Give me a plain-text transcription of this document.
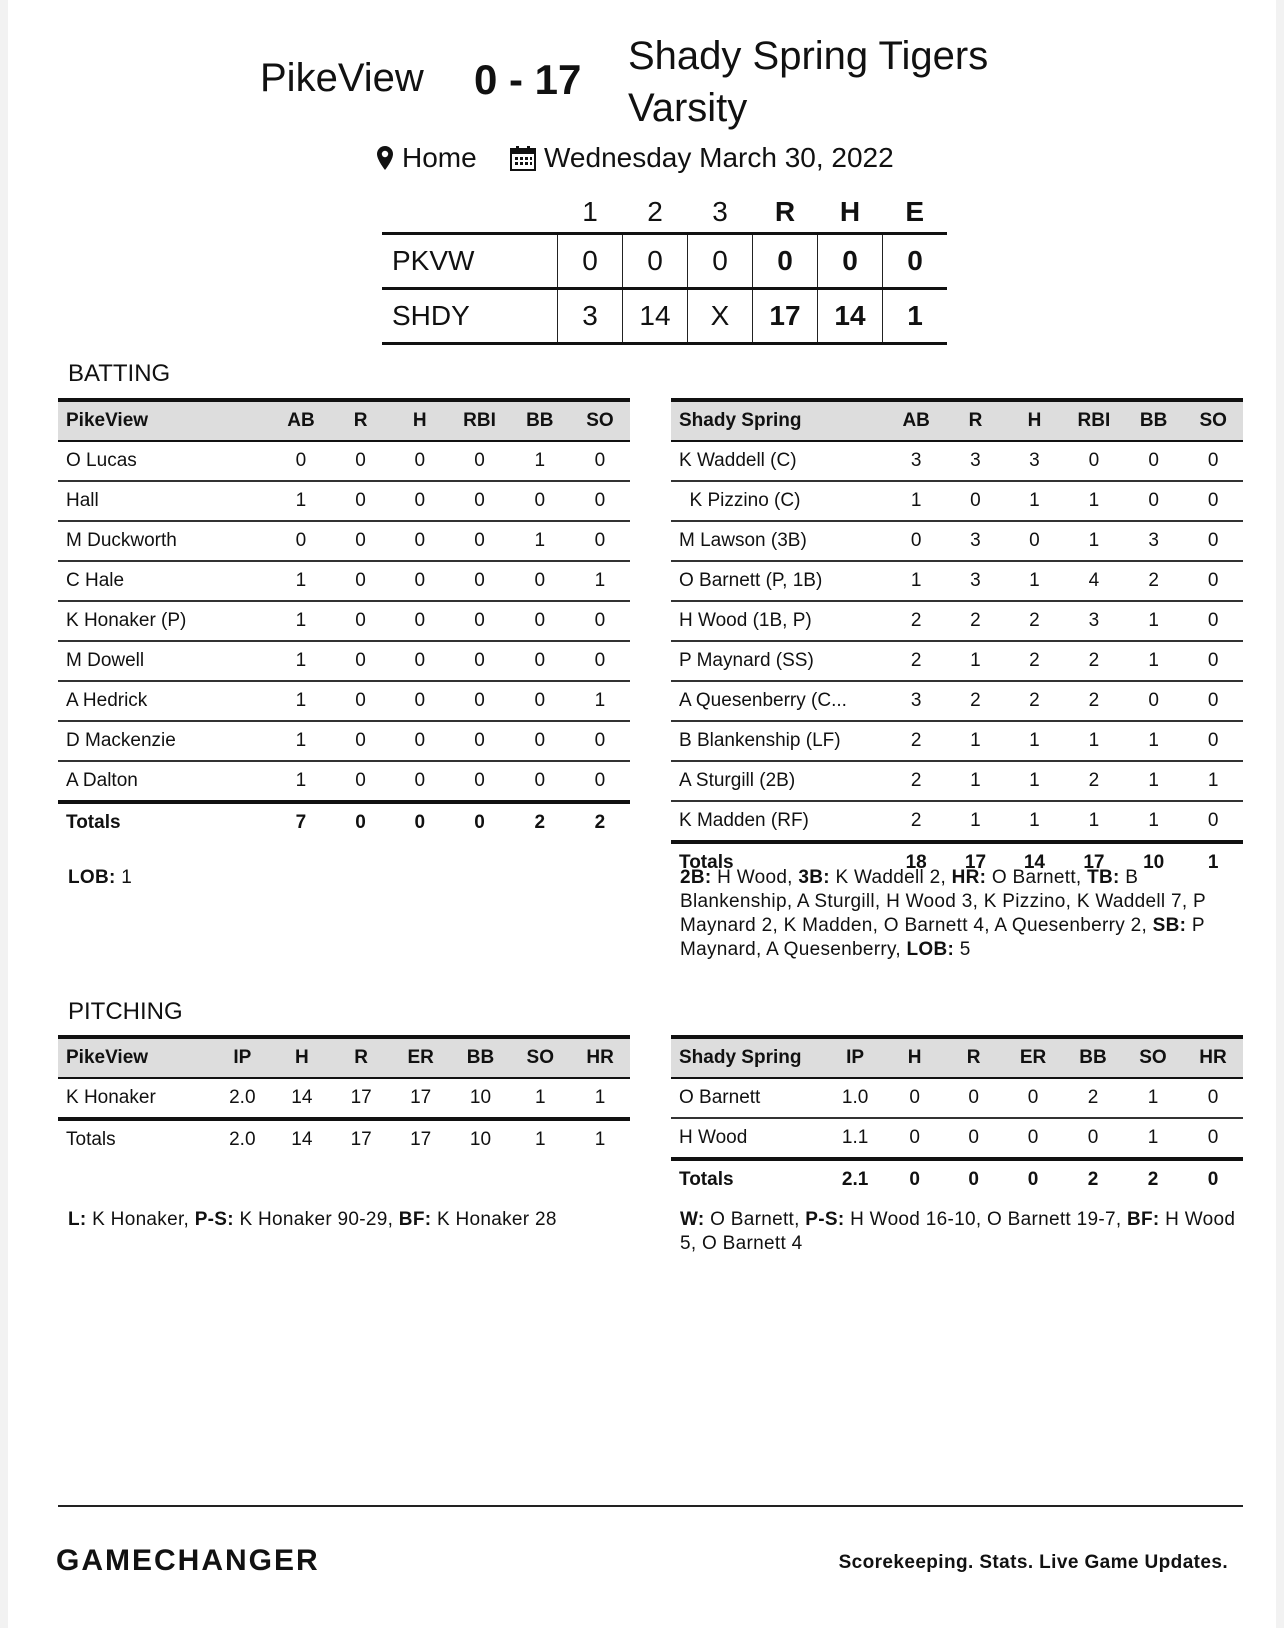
PikeView 0 - 17 Shady Spring Tigers Varsity
Home Wednesday March 30, 2022
	1	2	3	R	H	E
PKVW	0	0	0	0	0	0
SHDY	3	14	X	17	14	1
BATTING
PikeView	AB	R	H	RBI	BB	SO
O Lucas	0	0	0	0	1	0
Hall	1	0	0	0	0	0
M Duckworth	0	0	0	0	1	0
C Hale	1	0	0	0	0	1
K Honaker (P)	1	0	0	0	0	0
M Dowell	1	0	0	0	0	0
A Hedrick	1	0	0	0	0	1
D Mackenzie	1	0	0	0	0	0
A Dalton	1	0	0	0	0	0
Totals	7	0	0	0	2	2
Shady Spring	AB	R	H	RBI	BB	SO
K Waddell (C)	3	3	3	0	0	0
K Pizzino (C)	1	0	1	1	0	0
M Lawson (3B)	0	3	0	1	3	0
O Barnett (P, 1B)	1	3	1	4	2	0
H Wood (1B, P)	2	2	2	3	1	0
P Maynard (SS)	2	1	2	2	1	0
A Quesenberry (C...	3	2	2	2	0	0
B Blankenship (LF)	2	1	1	1	1	0
A Sturgill (2B)	2	1	1	2	1	1
K Madden (RF)	2	1	1	1	1	0
Totals	18	17	14	17	10	1
LOB: 1	2B: H Wood, 3B: K Waddell 2, HR: O Barnett, TB: B Blankenship, A Sturgill, H Wood 3, K Pizzino, K Waddell 7, P Maynard 2, K Madden, O Barnett 4, A Quesenberry 2, SB: P Maynard, A Quesenberry, LOB: 5
PITCHING
PikeView	IP	H	R	ER	BB	SO	HR
K Honaker	2.0	14	17	17	10	1	1
Totals	2.0	14	17	17	10	1	1
Shady Spring	IP	H	R	ER	BB	SO	HR
O Barnett	1.0	0	0	0	2	1	0
H Wood	1.1	0	0	0	0	1	0
Totals	2.1	0	0	0	2	2	0
L: K Honaker, P-S: K Honaker 90-29, BF: K Honaker 28	W: O Barnett, P-S: H Wood 16-10, O Barnett 19-7, BF: H Wood 5, O Barnett 4
GAMECHANGER	Scorekeeping. Stats. Live Game Updates.
